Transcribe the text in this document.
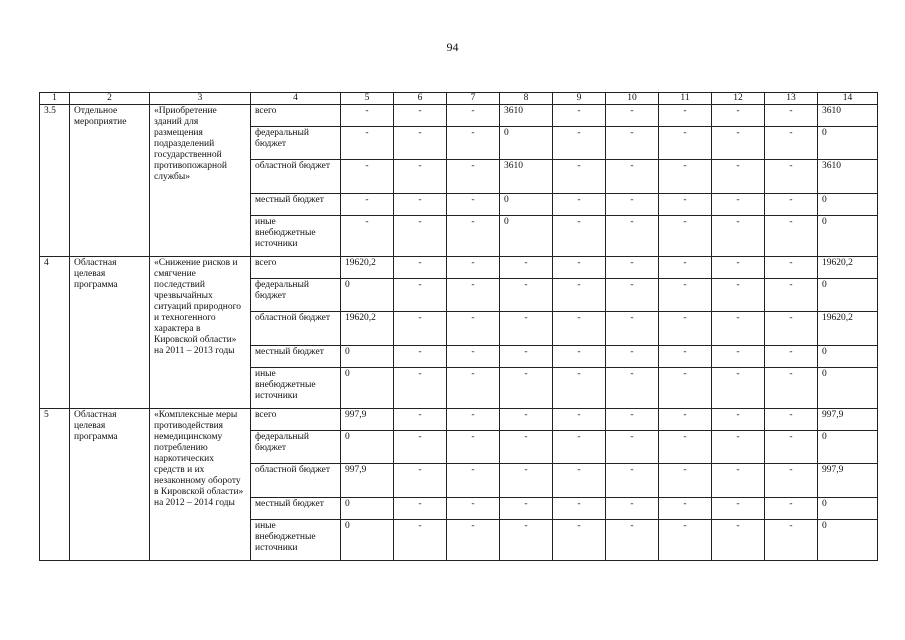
94
1	2	3	4	5	6	7	8	9	10	11	12	13	14
3.5	Отдельное мероприятие	«Приобретение зданий для размещения подразделений государственной противопожарной службы»	всего	-	-	-	3610	-	-	-	-	-	3610
			федеральный бюджет	-	-	-	0	-	-	-	-	-	0
			областной бюджет	-	-	-	3610	-	-	-	-	-	3610
			местный бюджет	-	-	-	0	-	-	-	-	-	0
			иные внебюджетные источники	-	-	-	0	-	-	-	-	-	0
4	Областная целевая программа	«Снижение рисков и смягчение последствий чрезвычайных ситуаций природного и техногенного характера в Кировской области» на 2011 – 2013 годы	всего	19620,2	-	-	-	-	-	-	-	-	19620,2
			федеральный бюджет	0	-	-	-	-	-	-	-	-	0
			областной бюджет	19620,2	-	-	-	-	-	-	-	-	19620,2
			местный бюджет	0	-	-	-	-	-	-	-	-	0
			иные внебюджетные источники	0	-	-	-	-	-	-	-	-	0
5	Областная целевая программа	«Комплексные меры противодействия немедицинскому потреблению наркотических средств и их незаконному обороту в Кировской области» на 2012 – 2014 годы	всего	997,9	-	-	-	-	-	-	-	-	997,9
			федеральный бюджет	0	-	-	-	-	-	-	-	-	0
			областной бюджет	997,9	-	-	-	-	-	-	-	-	997,9
			местный бюджет	0	-	-	-	-	-	-	-	-	0
			иные внебюджетные источники	0	-	-	-	-	-	-	-	-	0
